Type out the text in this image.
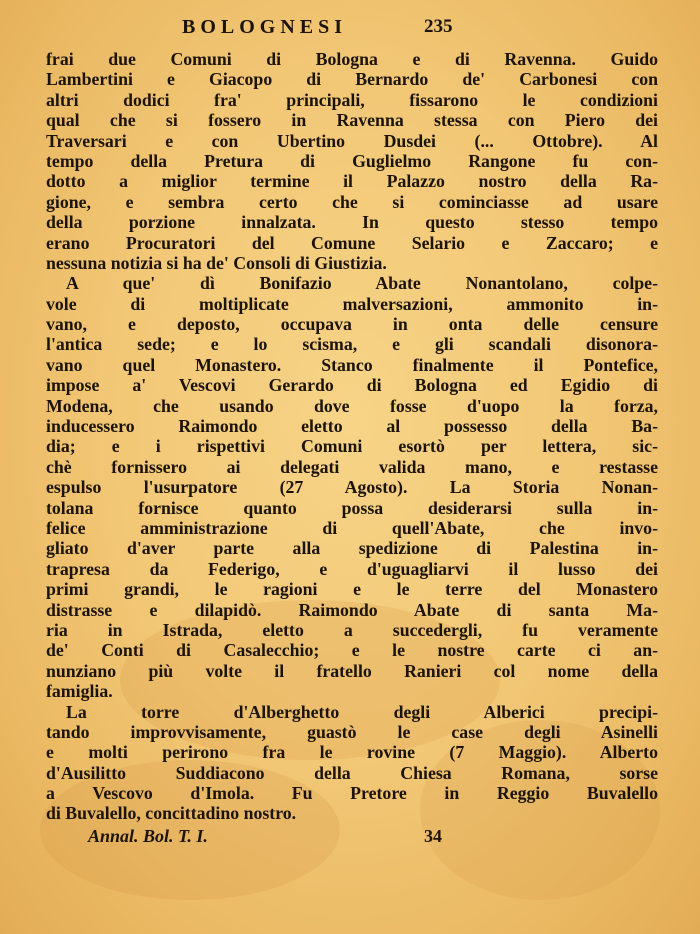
BOLOGNESI	235
frai due Comuni di Bologna e di Ravenna. Guido
Lambertini e Giacopo di Bernardo de' Carbonesi con
altri dodici fra' principali, fissarono le condizioni
qual che si fossero in Ravenna stessa con Piero dei
Traversari e con Ubertino Dusdei (... Ottobre). Al
tempo della Pretura di Guglielmo Rangone fu con-
dotto a miglior termine il Palazzo nostro della Ra-
gione, e sembra certo che si cominciasse ad usare
della porzione innalzata. In questo stesso tempo
erano Procuratori del Comune Selario e Zaccaro; e
nessuna notizia si ha de' Consoli di Giustizia.
A que' dì Bonifazio Abate Nonantolano, colpe-
vole di moltiplicate malversazioni, ammonito in-
vano, e deposto, occupava in onta delle censure
l'antica sede; e lo scisma, e gli scandali disonora-
vano quel Monastero. Stanco finalmente il Pontefice,
impose a' Vescovi Gerardo di Bologna ed Egidio di
Modena, che usando dove fosse d'uopo la forza,
inducessero Raimondo eletto al possesso della Ba-
dia; e i rispettivi Comuni esortò per lettera, sic-
chè fornissero ai delegati valida mano, e restasse
espulso l'usurpatore (27 Agosto). La Storia Nonan-
tolana fornisce quanto possa desiderarsi sulla in-
felice amministrazione di quell'Abate, che invo-
gliato d'aver parte alla spedizione di Palestina in-
trapresa da Federigo, e d'uguagliarvi il lusso dei
primi grandi, le ragioni e le terre del Monastero
distrasse e dilapidò. Raimondo Abate di santa Ma-
ria in Istrada, eletto a succedergli, fu veramente
de' Conti di Casalecchio; e le nostre carte ci an-
nunziano più volte il fratello Ranieri col nome della
famiglia.
La torre d'Alberghetto degli Alberici precipi-
tando improvvisamente, guastò le case degli Asinelli
e molti perirono fra le rovine (7 Maggio). Alberto
d'Ausilitto Suddiacono della Chiesa Romana, sorse
a Vescovo d'Imola. Fu Pretore in Reggio Buvalello
di Buvalello, concittadino nostro.
Annal. Bol. T. I.	34
